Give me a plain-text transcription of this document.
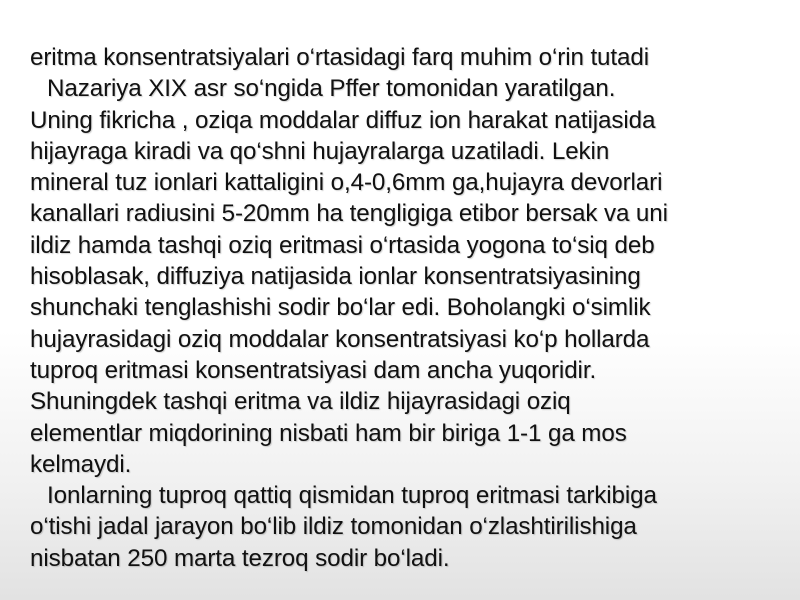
eritma konsentratsiyalari o‘rtasidagi farq muhim o‘rin tutadi
Nazariya XIX asr so‘ngida Pffer tomonidan yaratilgan.
Uning fikricha , oziqa moddalar diffuz ion harakat natijasida
hijayraga kiradi va qo‘shni hujayralarga uzatiladi. Lekin
mineral tuz ionlari kattaligini o,4-0,6mm ga,hujayra devorlari
kanallari radiusini 5-20mm ha tengligiga etibor bersak va uni
ildiz hamda tashqi oziq eritmasi o‘rtasida yogona to‘siq deb
hisoblasak, diffuziya natijasida ionlar konsentratsiyasining
shunchaki tenglashishi sodir bo‘lar edi. Boholangki o‘simlik
hujayrasidagi oziq moddalar konsentratsiyasi ko‘p hollarda
tuproq eritmasi konsentratsiyasi dam ancha yuqoridir.
Shuningdek tashqi eritma va ildiz hijayrasidagi oziq
elementlar miqdorining nisbati ham bir biriga 1-1 ga mos
kelmaydi.
Ionlarning tuproq qattiq qismidan tuproq eritmasi tarkibiga
o‘tishi jadal jarayon bo‘lib ildiz tomonidan o‘zlashtirilishiga
nisbatan 250 marta tezroq sodir bo‘ladi.
